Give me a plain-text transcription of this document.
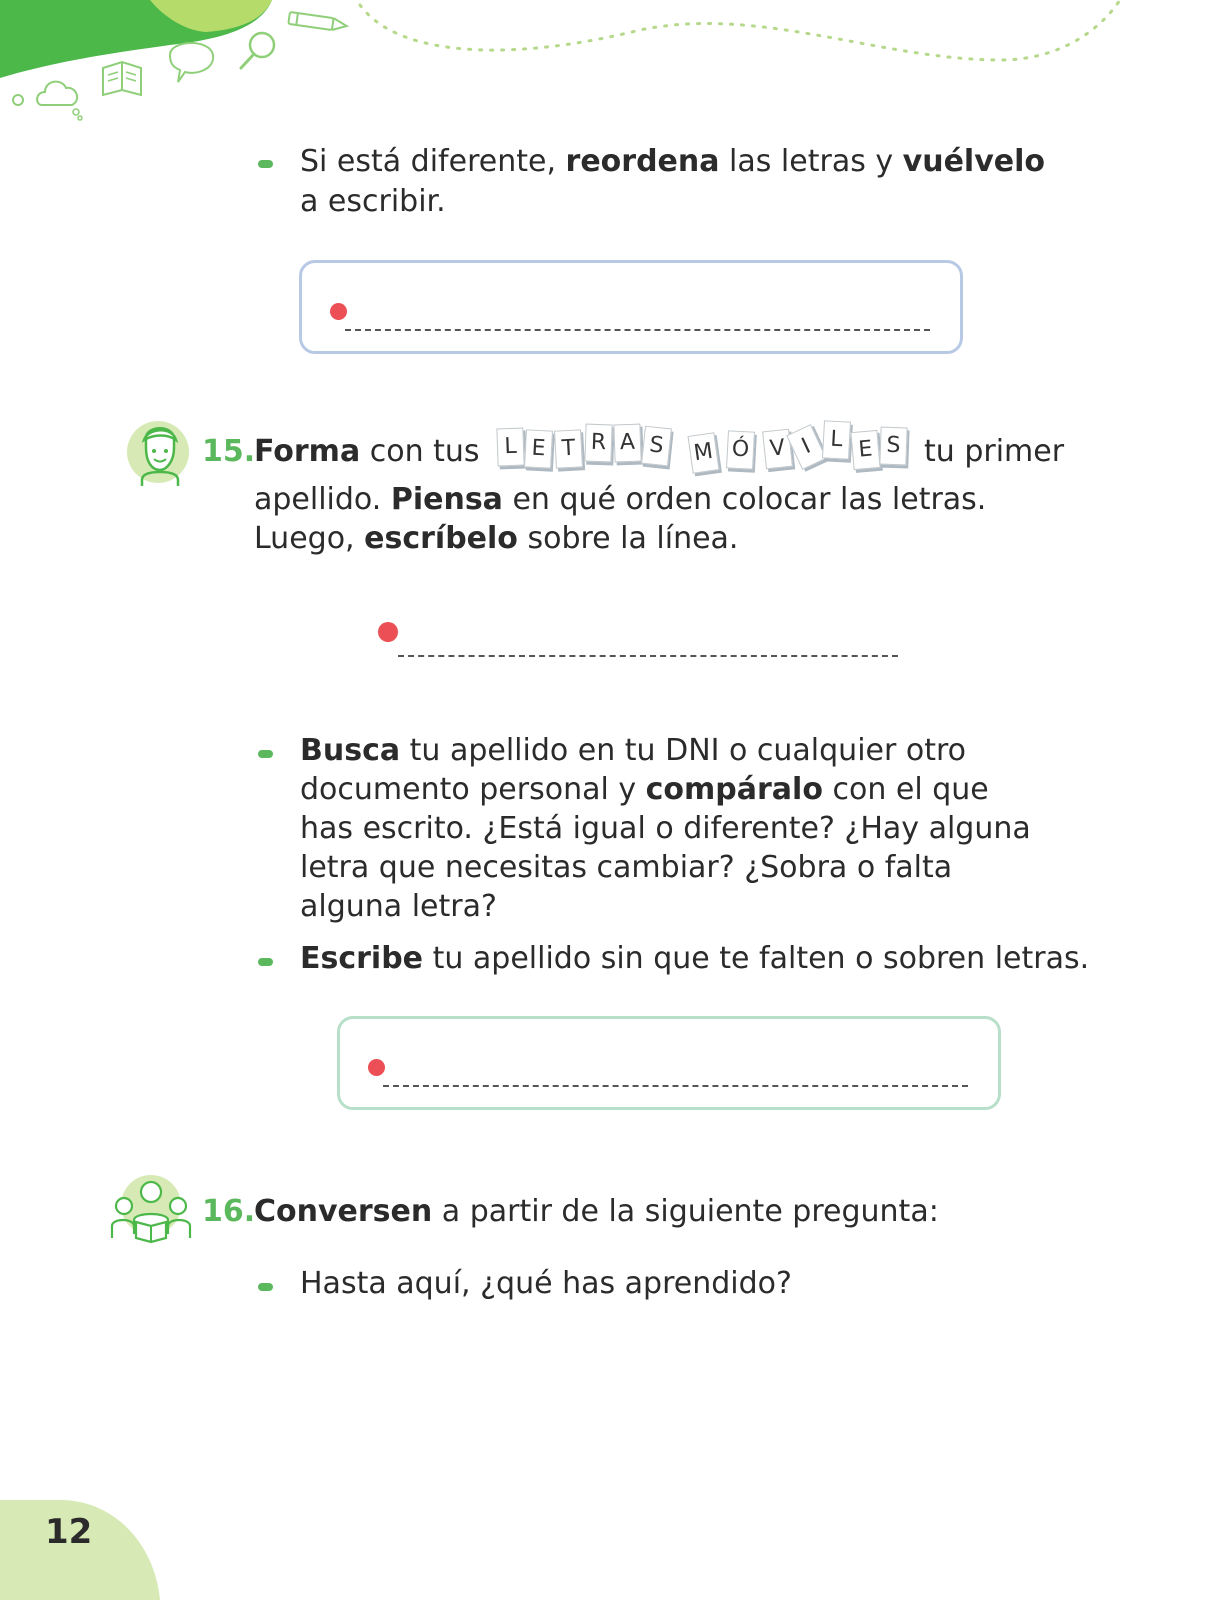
Si está diferente, reordena las letras y vuélvelo
a escribir.
15.
Forma con tus	L E T R A S	M Ó V I L E S tu primer
apellido. Piensa en qué orden colocar las letras.
Luego, escríbelo sobre la línea.
Busca tu apellido en tu DNI o cualquier otro
documento personal y compáralo con el que
has escrito. ¿Está igual o diferente? ¿Hay alguna
letra que necesitas cambiar? ¿Sobra o falta
alguna letra?
Escribe tu apellido sin que te falten o sobren letras.
16.
Conversen a partir de la siguiente pregunta:
Hasta aquí, ¿qué has aprendido?
12
